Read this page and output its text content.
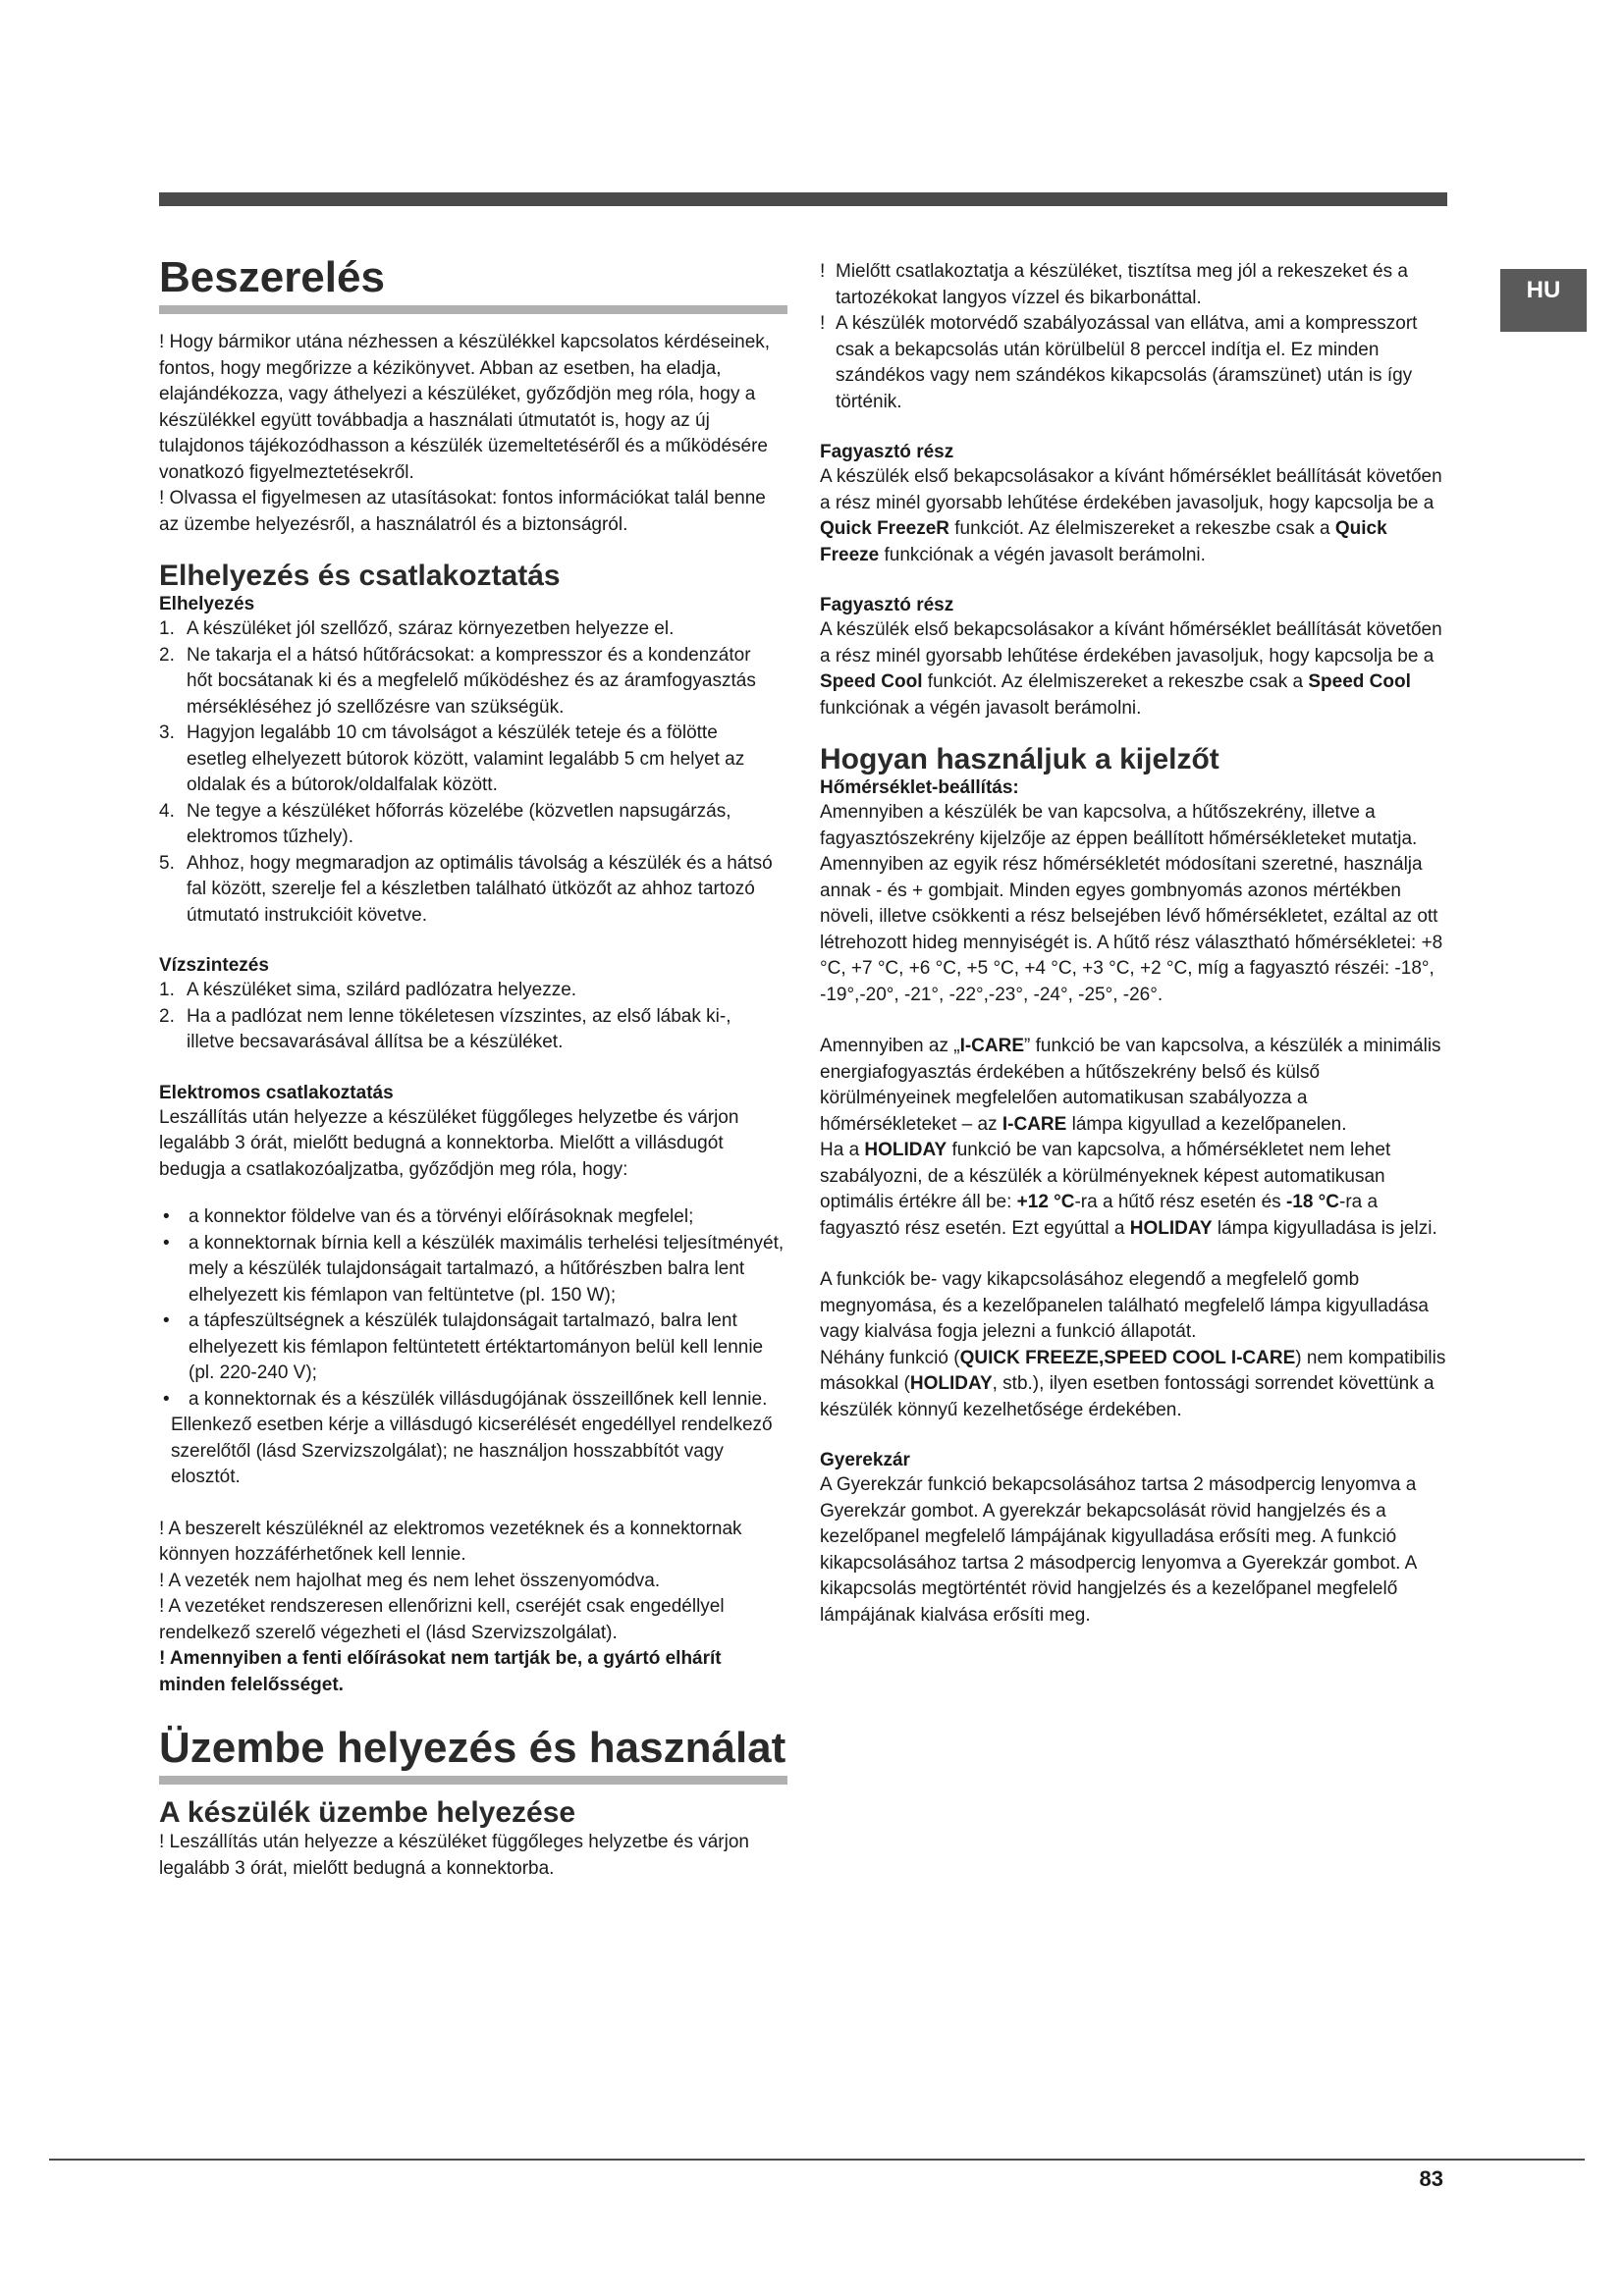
HU
Beszerelés

! Hogy bármikor utána nézhessen a készülékkel kapcsolatos kérdéseinek, fontos, hogy megőrizze a kézikönyvet. Abban az esetben, ha eladja, elajándékozza, vagy áthelyezi a készüléket, győződjön meg róla, hogy a készülékkel együtt továbbadja a használati útmutatót is, hogy az új tulajdonos tájékozódhasson a készülék üzemeltetéséről és a működésére vonatkozó figyelmeztetésekről.

! Olvassa el figyelmesen az utasításokat: fontos információkat talál benne az üzembe helyezésről, a használatról és a biztonságról.

Elhelyezés és csatlakoztatás
Elhelyezés
1. A készüléket jól szellőző, száraz környezetben helyezze el.
2. Ne takarja el a hátsó hűtőrácsokat: a kompresszor és a kondenzátor hőt bocsátanak ki és a megfelelő működéshez és az áramfogyasztás mérsékléséhez jó szellőzésre van szükségük.
3. Hagyjon legalább 10 cm távolságot a készülék teteje és a fölötte esetleg elhelyezett bútorok között, valamint legalább 5 cm helyet az oldalak és a bútorok/oldalfalak között.
4. Ne tegye a készüléket hőforrás közelébe (közvetlen napsugárzás, elektromos tűzhely).
5. Ahhoz, hogy megmaradjon az optimális távolság a készülék és a hátsó fal között, szerelje fel a készletben található ütközőt az ahhoz tartozó útmutató instrukcióit követve.
Vízszintezés
1. A készüléket sima, szilárd padlózatra helyezze.
2. Ha a padlózat nem lenne tökéletesen vízszintes, az első lábak ki-, illetve becsavarásával állítsa be a készüléket.
Elektromos csatlakoztatás

Leszállítás után helyezze a készüléket függőleges helyzetbe és várjon legalább 3 órát, mielőtt bedugná a konnektorba. Mielőtt a villásdugót bedugja a csatlakozóaljzatba, győződjön meg róla, hogy:

•	a konnektor földelve van és a törvényi előírásoknak megfelel;
•	a konnektornak bírnia kell a készülék maximális terhelési teljesítményét, mely a készülék tulajdonságait tartalmazó, a hűtőrészben balra lent elhelyezett kis fémlapon van feltüntetve (pl. 150 W);
•	a tápfeszültségnek a készülék tulajdonságait tartalmazó, balra lent elhelyezett kis fémlapon feltüntetett értéktartományon belül kell lennie (pl. 220-240 V);
•	a konnektornak és a készülék villásdugójának összeillőnek kell lennie.

Ellenkező esetben kérje a villásdugó kicserélését engedéllyel rendelkező szerelőtől (lásd Szervizszolgálat); ne használjon hosszabbítót vagy elosztót.

! A beszerelt készüléknél az elektromos vezetéknek és a konnektornak könnyen hozzáférhetőnek kell lennie.

! A vezeték nem hajolhat meg és nem lehet összenyomódva.

! A vezetéket rendszeresen ellenőrizni kell, cseréjét csak engedéllyel rendelkező szerelő végezheti el (lásd Szervizszolgálat).

! Amennyiben a fenti előírásokat nem tartják be, a gyártó elhárít minden felelősséget.

Üzembe helyezés és használat
A készülék üzembe helyezése

! Leszállítás után helyezze a készüléket függőleges helyzetbe és várjon legalább 3 órát, mielőtt bedugná a konnektorba.

! Mielőtt csatlakoztatja a készüléket, tisztítsa meg jól a rekeszeket és a tartozékokat langyos vízzel és bikarbonáttal.
! A készülék motorvédő szabályozással van ellátva, ami a kompresszort csak a bekapcsolás után körülbelül 8 perccel indítja el. Ez minden szándékos vagy nem szándékos kikapcsolás (áramszünet) után is így történik.
Fagyasztó rész

A készülék első bekapcsolásakor a kívánt hőmérséklet beállítását követően a rész minél gyorsabb lehűtése érdekében javasoljuk, hogy kapcsolja be a Quick FreezeR funkciót. Az élelmiszereket a rekeszbe csak a Quick Freeze funkciónak a végén javasolt berámolni.

Fagyasztó rész

A készülék első bekapcsolásakor a kívánt hőmérséklet beállítását követően a rész minél gyorsabb lehűtése érdekében javasoljuk, hogy kapcsolja be a Speed Cool funkciót. Az élelmiszereket a rekeszbe csak a Speed Cool funkciónak a végén javasolt berámolni.

Hogyan használjuk a kijelzőt
Hőmérséklet-beállítás:

Amennyiben a készülék be van kapcsolva, a hűtőszekrény, illetve a fagyasztószekrény kijelzője az éppen beállított hőmérsékleteket mutatja. Amennyiben az egyik rész hőmérsékletét módosítani szeretné, használja annak - és + gombjait. Minden egyes gombnyomás azonos mértékben növeli, illetve csökkenti a rész belsejében lévő hőmérsékletet, ezáltal az ott létrehozott hideg mennyiségét is. A hűtő rész választható hőmérsékletei: +8 °C, +7 °C, +6 °C, +5 °C, +4 °C, +3 °C, +2 °C, míg a fagyasztó részéi: -18°, -19°,-20°, -21°, -22°,-23°, -24°, -25°, -26°.

Amennyiben az „I-CARE” funkció be van kapcsolva, a készülék a minimális energiafogyasztás érdekében a hűtőszekrény belső és külső körülményeinek megfelelően automatikusan szabályozza a hőmérsékleteket – az I-CARE lámpa kigyullad a kezelőpanelen.

Ha a HOLIDAY funkció be van kapcsolva, a hőmérsékletet nem lehet szabályozni, de a készülék a körülményeknek képest automatikusan optimális értékre áll be: +12 °C-ra a hűtő rész esetén és -18 °C-ra a fagyasztó rész esetén. Ezt egyúttal a HOLIDAY lámpa kigyulladása is jelzi.

A funkciók be- vagy kikapcsolásához elegendő a megfelelő gomb megnyomása, és a kezelőpanelen található megfelelő lámpa kigyulladása vagy kialvása fogja jelezni a funkció állapotát.

Néhány funkció (QUICK FREEZE,SPEED COOL I-CARE) nem kompatibilis másokkal (HOLIDAY, stb.), ilyen esetben fontossági sorrendet követtünk a készülék könnyű kezelhetősége érdekében.

Gyerekzár

A Gyerekzár funkció bekapcsolásához tartsa 2 másodpercig lenyomva a Gyerekzár gombot. A gyerekzár bekapcsolását rövid hangjelzés és a kezelőpanel megfelelő lámpájának kigyulladása erősíti meg. A funkció kikapcsolásához tartsa 2 másodpercig lenyomva a Gyerekzár gombot. A kikapcsolás megtörténtét rövid hangjelzés és a kezelőpanel megfelelő lámpájának kialvása erősíti meg.

83
